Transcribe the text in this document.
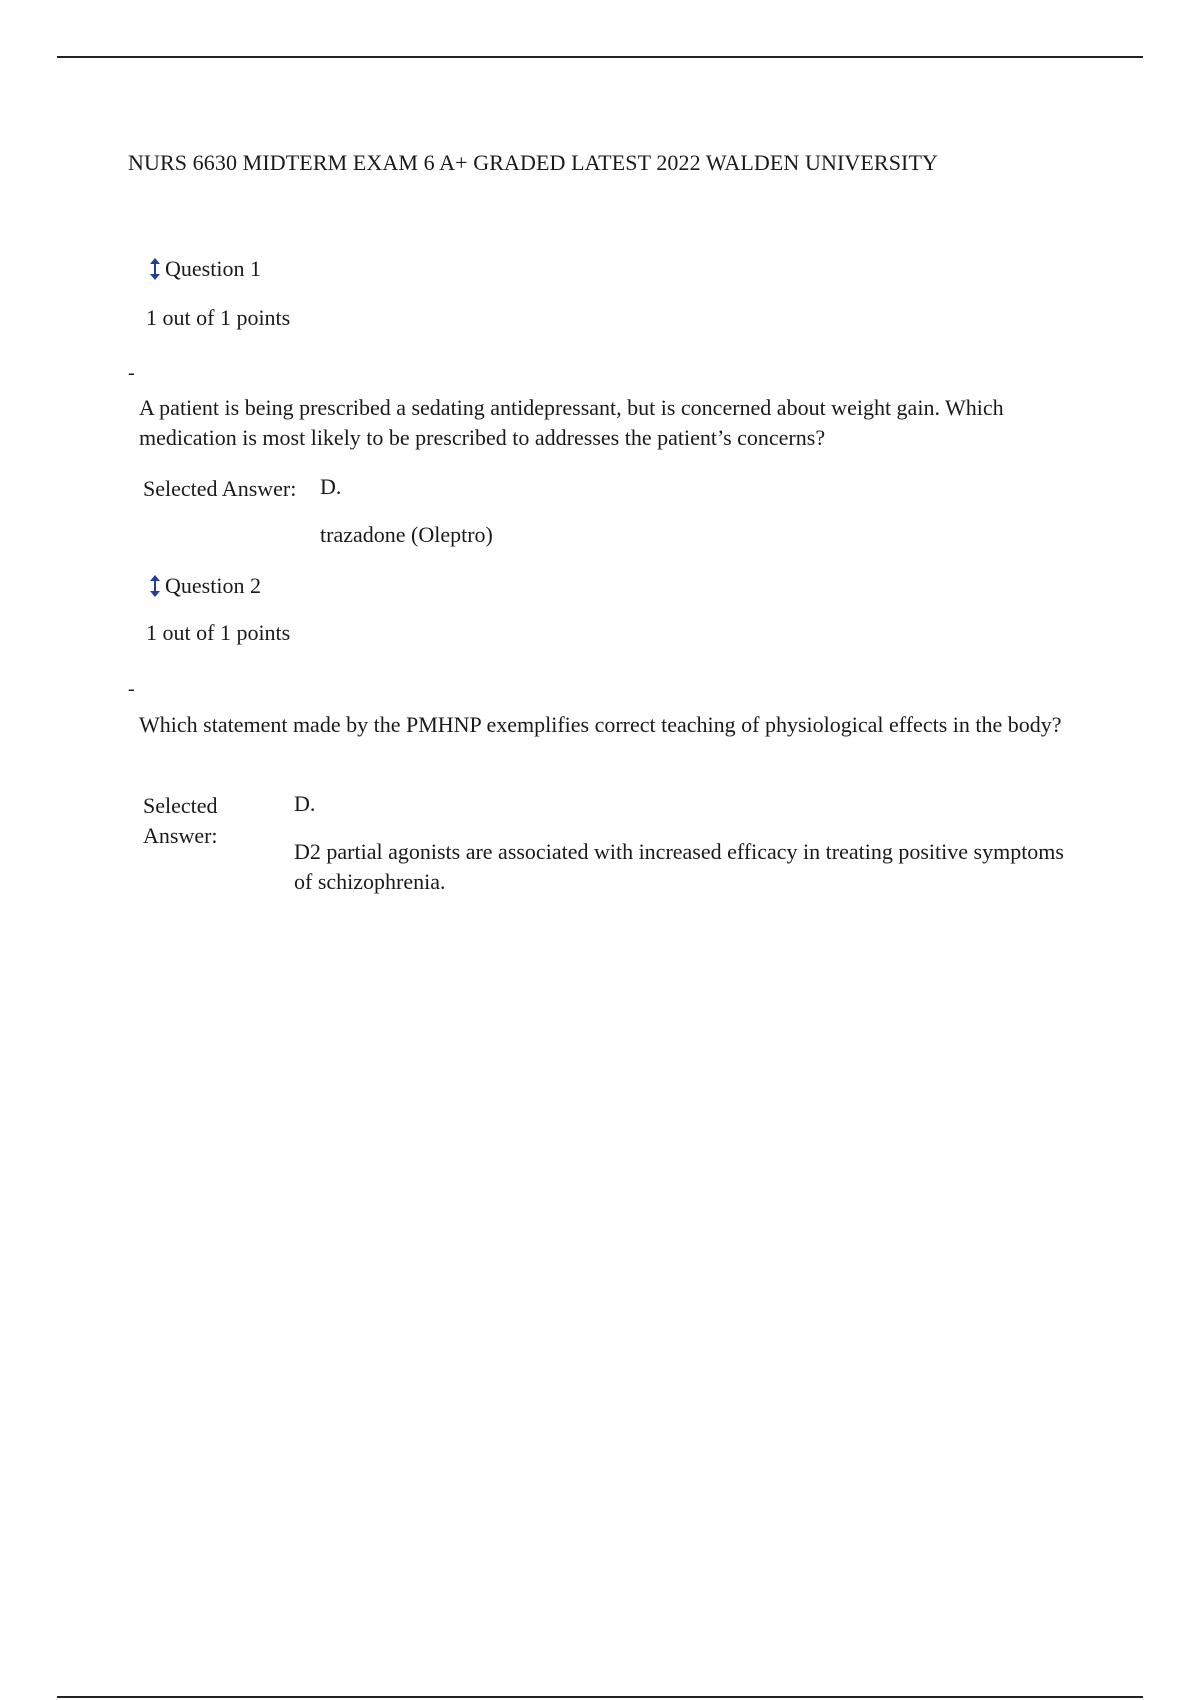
NURS 6630 MIDTERM EXAM 6 A+ GRADED LATEST 2022 WALDEN UNIVERSITY
Question 1
1 out of 1 points
-
A patient is being prescribed a sedating antidepressant, but is concerned about weight gain. Which medication is most likely to be prescribed to addresses the patient’s concerns?
Selected Answer: D.
trazadone (Oleptro)
Question 2
1 out of 1 points
-
Which statement made by the PMHNP exemplifies correct teaching of physiological effects in the body?
Selected
Answer:
D.
D2 partial agonists are associated with increased efficacy in treating positive symptoms of schizophrenia.
